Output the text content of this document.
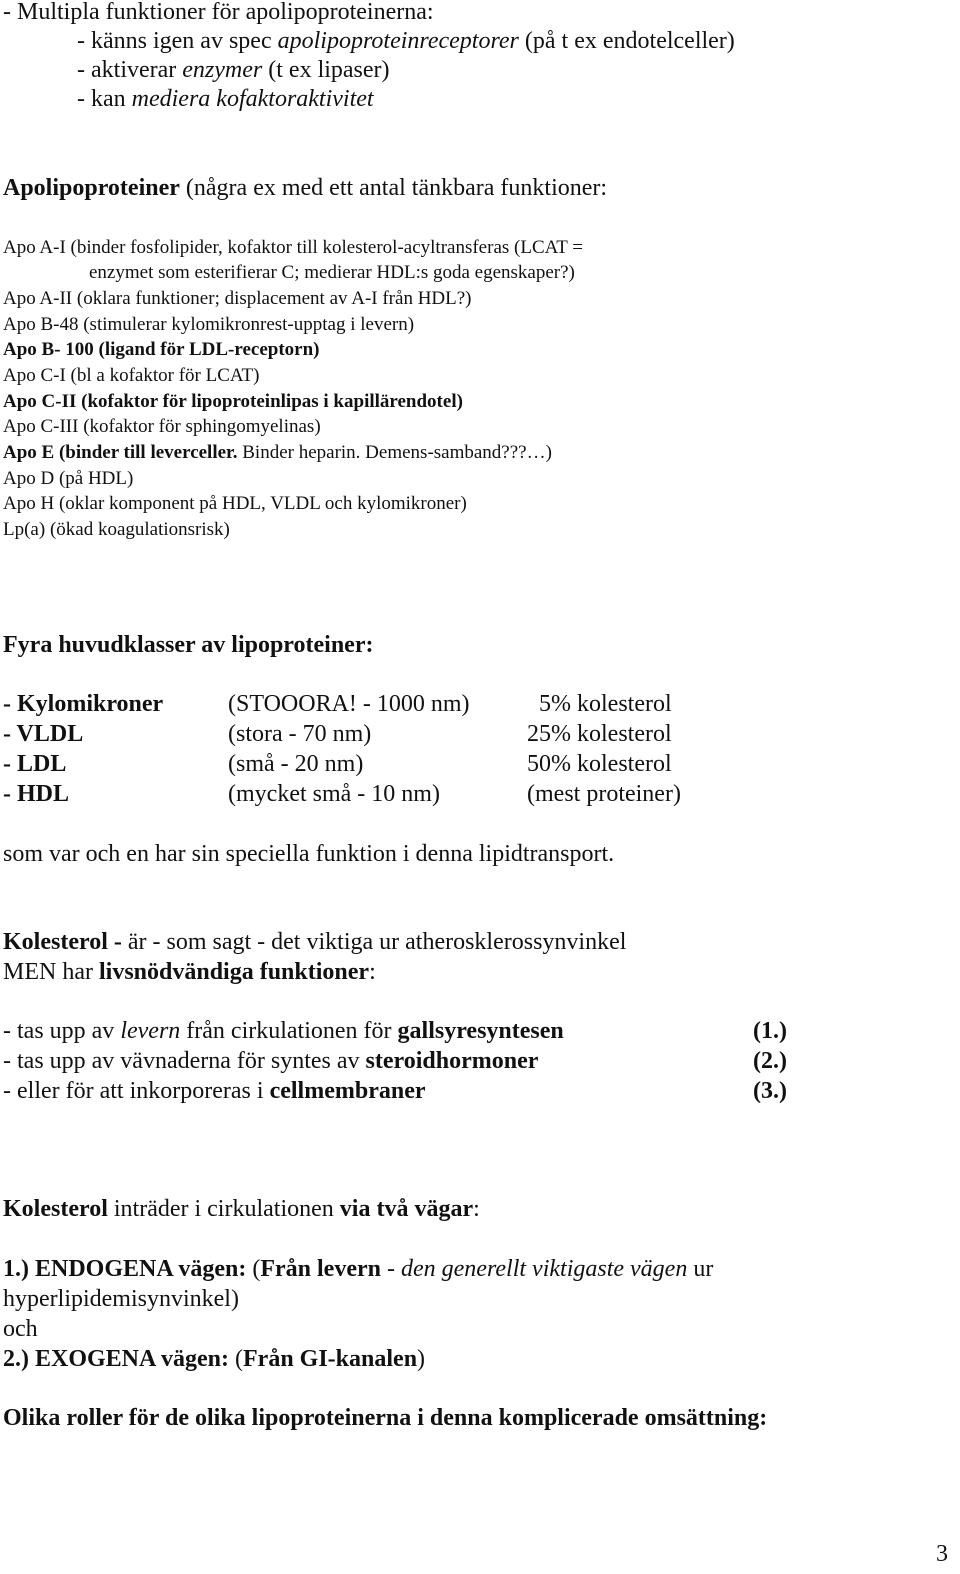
- Multipla funktioner för apolipoproteinerna:

- känns igen av spec apolipoproteinreceptorer (på t ex endotelceller)

- aktiverar enzymer (t ex lipaser)

- kan mediera kofaktoraktivitet

Apolipoproteiner (några ex med ett antal tänkbara funktioner:

Apo A-I (binder fosfolipider, kofaktor till kolesterol-acyltransferas (LCAT =

enzymet som esterifierar C; medierar HDL:s goda egenskaper?)

Apo A-II (oklara funktioner; displacement av A-I från HDL?)

Apo B-48 (stimulerar kylomikronrest-upptag i levern)

Apo B- 100 (ligand för LDL-receptorn)

Apo C-I (bl a kofaktor för LCAT)

Apo C-II (kofaktor för lipoproteinlipas i kapillärendotel)

Apo C-III (kofaktor för sphingomyelinas)

Apo E (binder till leverceller. Binder heparin. Demens-samband???…)

Apo D (på HDL)

Apo H (oklar komponent på HDL, VLDL och kylomikroner)

Lp(a) (ökad koagulationsrisk)

Fyra huvudklasser av lipoproteiner:

- Kylomikroner	(STOOORA! - 1000 nm)	5% kolesterol
- VLDL	(stora - 70 nm)	25% kolesterol
- LDL	(små - 20 nm)	50% kolesterol
- HDL	(mycket små - 10 nm)	(mest proteiner)

som var och en har sin speciella funktion i denna lipidtransport.

Kolesterol - är - som sagt - det viktiga ur atherosklerossynvinkel

MEN har livsnödvändiga funktioner:

- tas upp av levern från cirkulationen för gallsyresyntesen	(1.)

- tas upp av vävnaderna för syntes av steroidhormoner	(2.)

- eller för att inkorporeras i cellmembraner	(3.)

Kolesterol inträder i cirkulationen via två vägar:

1.) ENDOGENA vägen: (Från levern - den generellt viktigaste vägen ur

hyperlipidemisynvinkel)

och

2.) EXOGENA vägen: (Från GI-kanalen)

Olika roller för de olika lipoproteinerna i denna komplicerade omsättning:

3
